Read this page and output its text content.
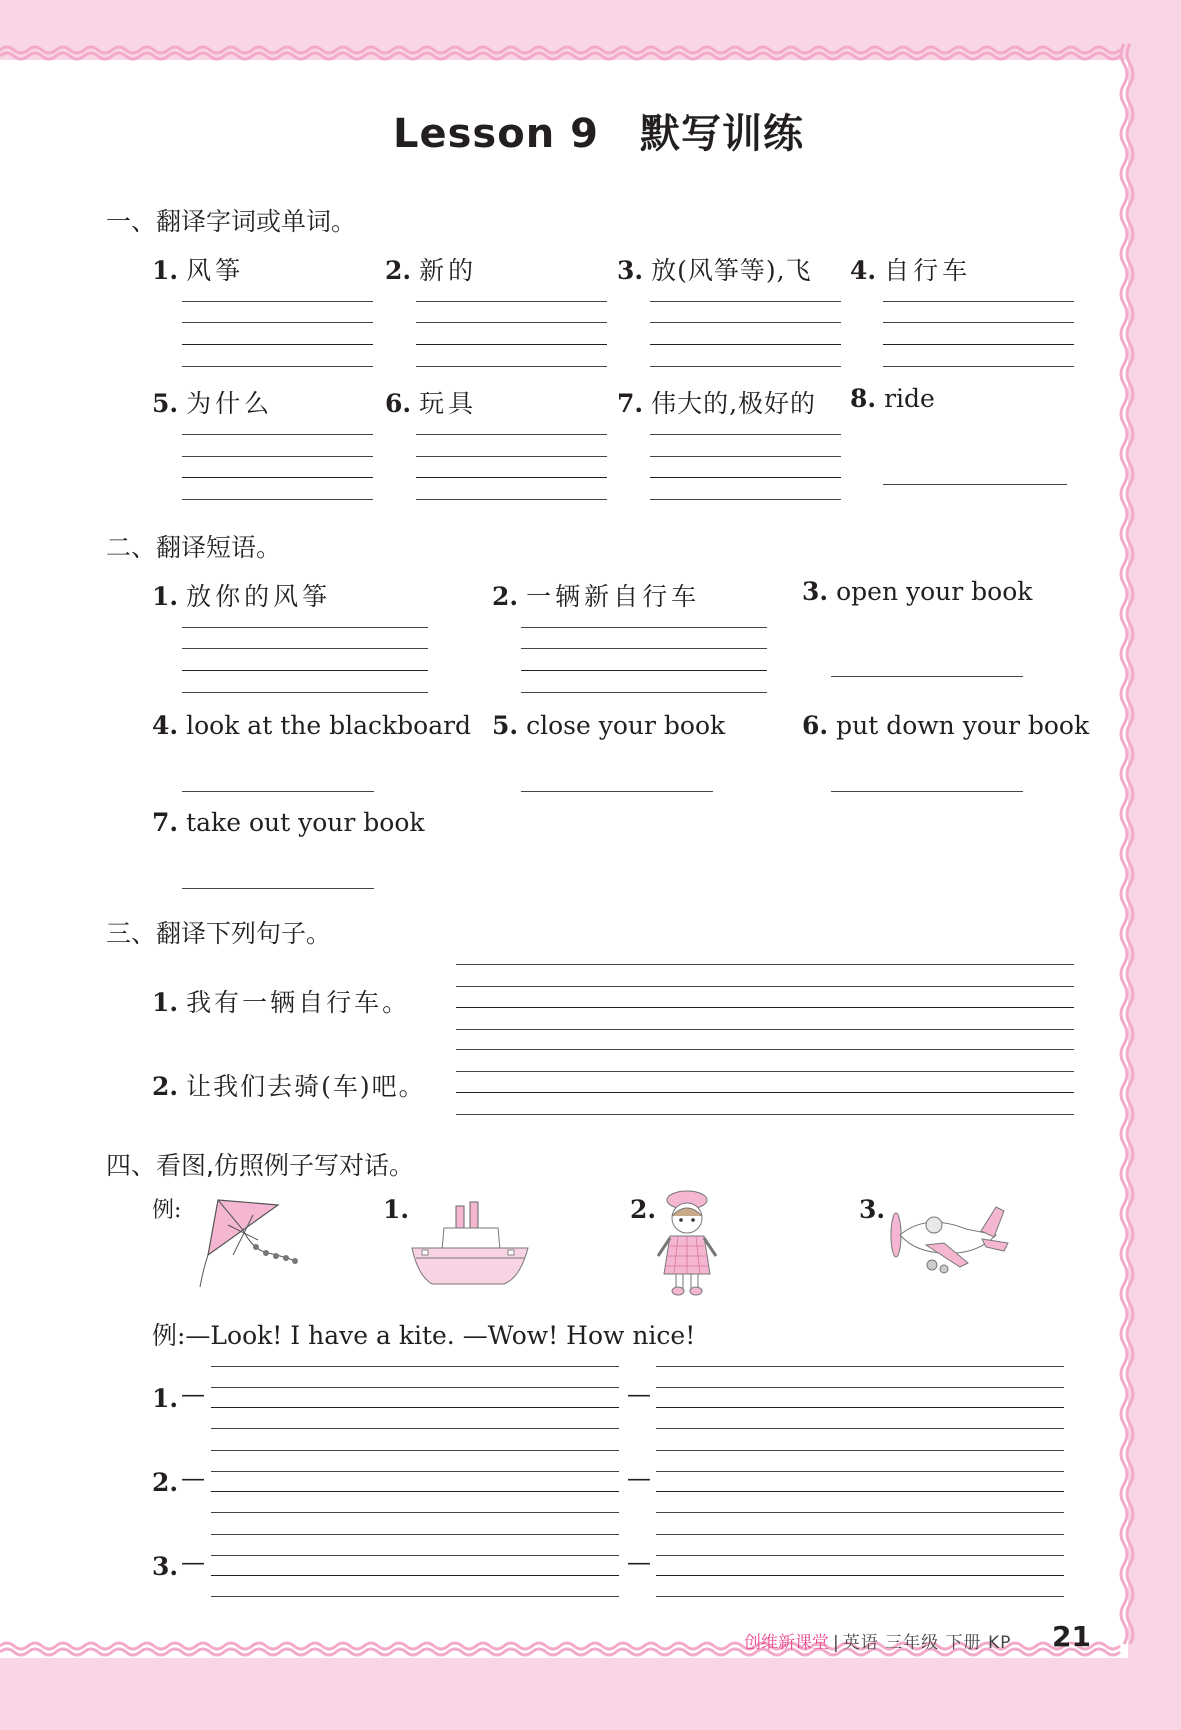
Lesson 9　默写训练
一、翻译字词或单词。
1. 风筝	2. 新的	3. 放(风筝等),飞 4. 自行车
5. 为什么	6. 玩具	7. 伟大的,极好的 8. ride
二、翻译短语。
1. 放你的风筝	2. 一辆新自行车	3. open your book
4. look at the blackboard 5. close your book	6. put down your book
7. take out your book
三、翻译下列句子。
1. 我有一辆自行车。
2. 让我们去骑(车)吧。
四、看图,仿照例子写对话。
例:	1.	2.	3.
例:—Look! I have a kite. —Wow! How nice!
1. —	—
2. —	—
3. —	—
创维新课堂 | 英语 三年级 下册 KP 21
